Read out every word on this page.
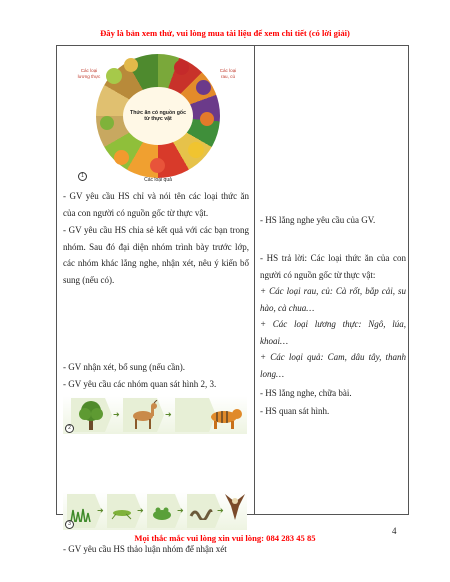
Đây là bản xem thử, vui lòng mua tài liệu để xem chi tiết (có lời giải)
Thức ăn có nguồn gốc từ thực vật
Các loại lương thực
Các loại rau, củ
Các loại quả
1
- GV yêu cầu HS chỉ và nói tên các loại thức ăn của con người có nguồn gốc từ thực vật.
- GV yêu cầu HS chia sẻ kết quả với các bạn trong nhóm. Sau đó đại diện nhóm trình bày trước lớp, các nhóm khác lắng nghe, nhận xét, nêu ý kiến bổ sung (nếu có).
- GV nhận xét, bổ sung (nếu cần).
- GV yêu cầu các nhóm quan sát hình 2, 3.
➜	➜
2
➜	➜	➜	➜
3
- GV yêu cầu HS thảo luận nhóm để nhận xét
- HS lắng nghe yêu cầu của GV.
- HS trả lời: Các loại thức ăn của con người có nguồn gốc từ thực vật:
+ Các loại rau, củ: Cà rốt, bắp cải, su hào, cà chua…
+ Các loại lương thực: Ngô, lúa, khoai…
+ Các loại quả: Cam, dâu tây, thanh long…
- HS lắng nghe, chữa bài.
- HS quan sát hình.
4
Mọi thắc mắc vui lòng xin vui lòng: 084 283 45 85
